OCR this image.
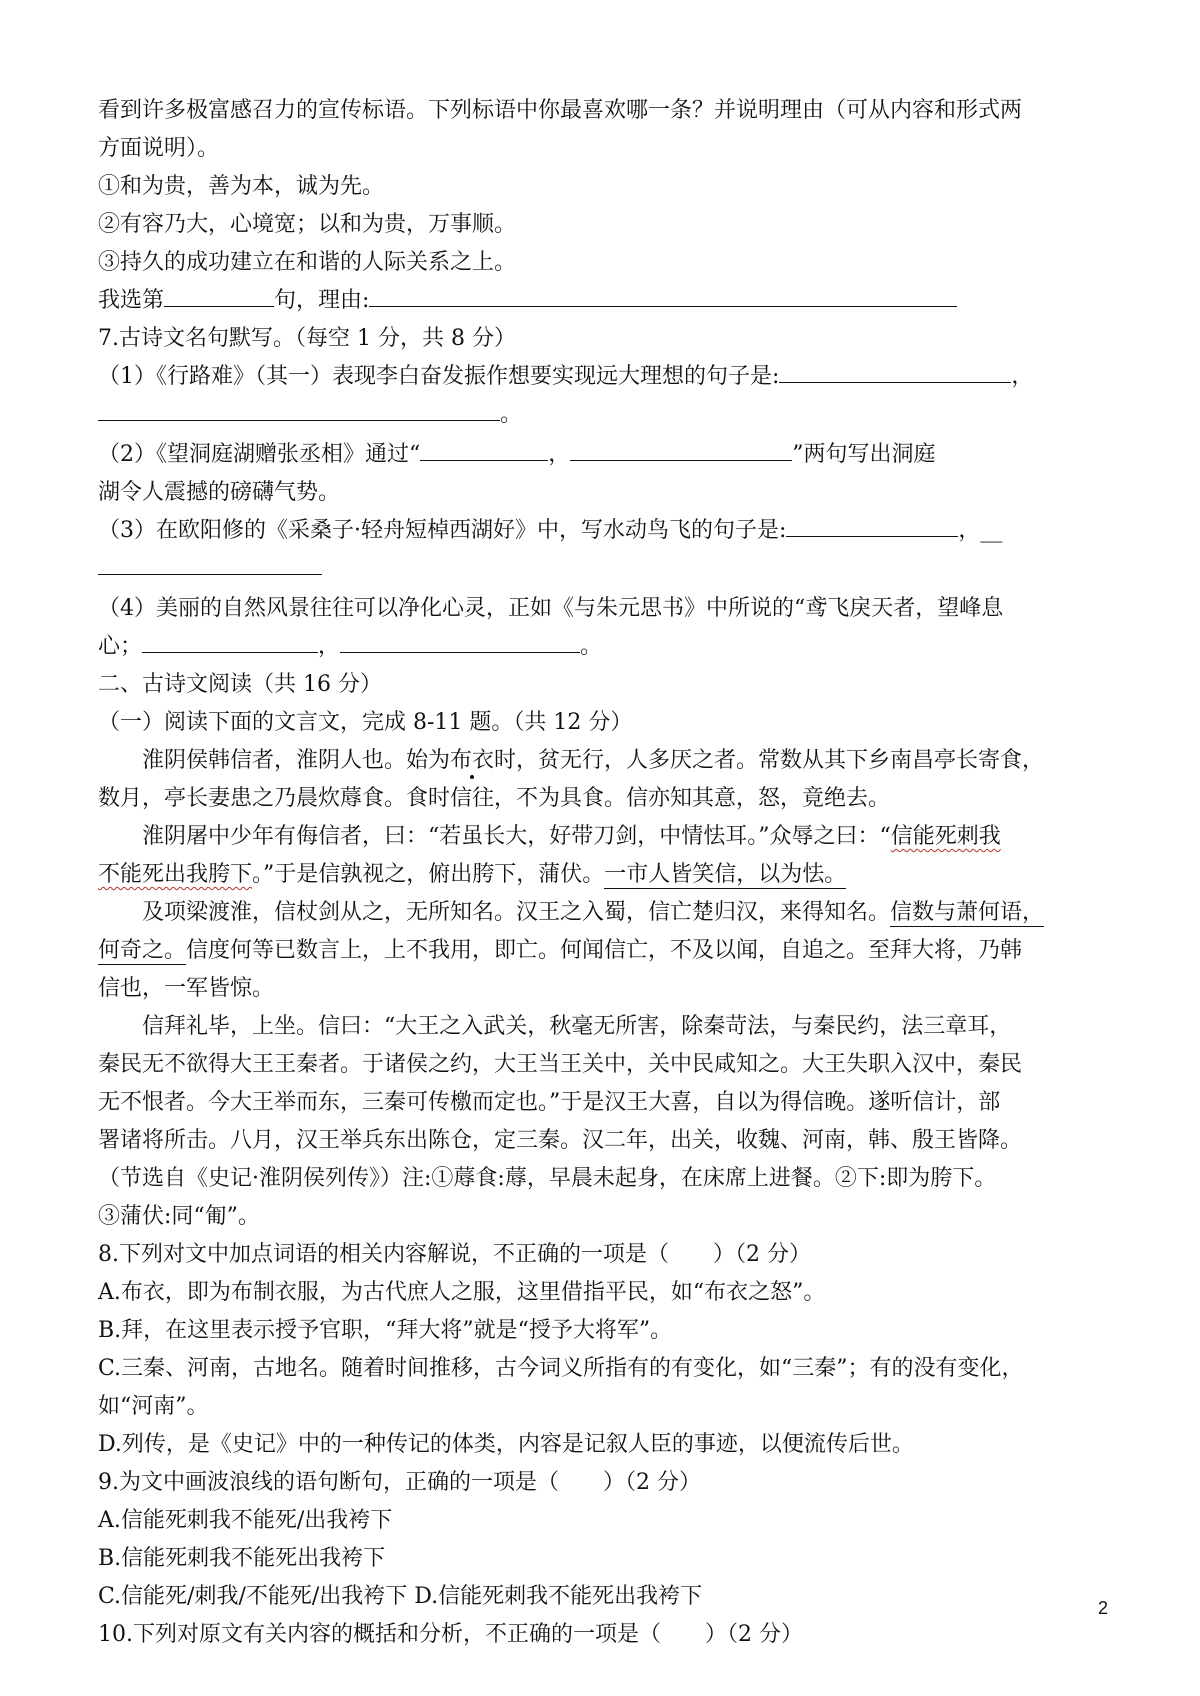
看到许多极富感召力的宣传标语。下列标语中你最喜欢哪一条？并说明理由（可从内容和形式两

方面说明）。

①和为贵，善为本，诚为先。

②有容乃大，心境宽；以和为贵，万事顺。

③持久的成功建立在和谐的人际关系之上。

我选第	句，理由:

7.古诗文名句默写。（每空 1 分，共 8 分）

（1）《行路难》（其一）表现李白奋发振作想要实现远大理想的句子是:	，

。

（2）《望洞庭湖赠张丞相》通过“	，	”两句写出洞庭

湖令人震撼的磅礴气势。

（3）在欧阳修的《采桑子·轻舟短棹西湖好》中，写水动鸟飞的句子是:	，__

（4）美丽的自然风景往往可以净化心灵，正如《与朱元思书》中所说的“鸢飞戾天者，望峰息

心；	，	。

二、古诗文阅读（共 16 分）

（一）阅读下面的文言文，完成 8-11 题。（共 12 分）

淮阴侯韩信者，淮阴人也。始为布衣时，贫无行，人多厌之者。常数从其下乡南昌亭长寄食，

数月，亭长妻患之乃晨炊蓐食。食时信往，不为具食。信亦知其意，怒，竟绝去。

淮阴屠中少年有侮信者，曰：“若虽长大，好带刀剑，中情怯耳。”众辱之曰：“信能死刺我

不能死出我胯下。”于是信孰视之，俯出胯下，蒲伏。一市人皆笑信，以为怯。

及项梁渡淮，信杖剑从之，无所知名。汉王之入蜀，信亡楚归汉，来得知名。信数与萧何语，

何奇之。信度何等已数言上，上不我用，即亡。何闻信亡，不及以闻，自追之。至拜大将，乃韩

信也，一军皆惊。

信拜礼毕，上坐。信曰：“大王之入武关，秋毫无所害，除秦苛法，与秦民约，法三章耳，

秦民无不欲得大王王秦者。于诸侯之约，大王当王关中，关中民咸知之。大王失职入汉中，秦民

无不恨者。今大王举而东，三秦可传檄而定也。”于是汉王大喜，自以为得信晚。遂听信计，部

署诸将所击。八月，汉王举兵东出陈仓，定三秦。汉二年，出关，收魏、河南，韩、殷王皆降。

（节选自《史记·淮阴侯列传》）注:①蓐食:蓐，早晨未起身，在床席上进餐。②下:即为胯下。

③蒲伏:同“匍”。

8.下列对文中加点词语的相关内容解说，不正确的一项是（　　）（2 分）

A.布衣，即为布制衣服，为古代庶人之服，这里借指平民，如“布衣之怒”。

B.拜，在这里表示授予官职，“拜大将”就是“授予大将军”。

C.三秦、河南，古地名。随着时间推移，古今词义所指有的有变化，如“三秦”；有的没有变化，

如“河南”。

D.列传，是《史记》中的一种传记的体类，内容是记叙人臣的事迹，以便流传后世。

9.为文中画波浪线的语句断句，正确的一项是（　　）（2 分）

A.信能死刺我不能死/出我袴下

B.信能死刺我不能死出我袴下

C.信能死/刺我/不能死/出我袴下 D.信能死刺我不能死出我袴下

10.下列对原文有关内容的概括和分析，不正确的一项是（　　）（2 分）

2
